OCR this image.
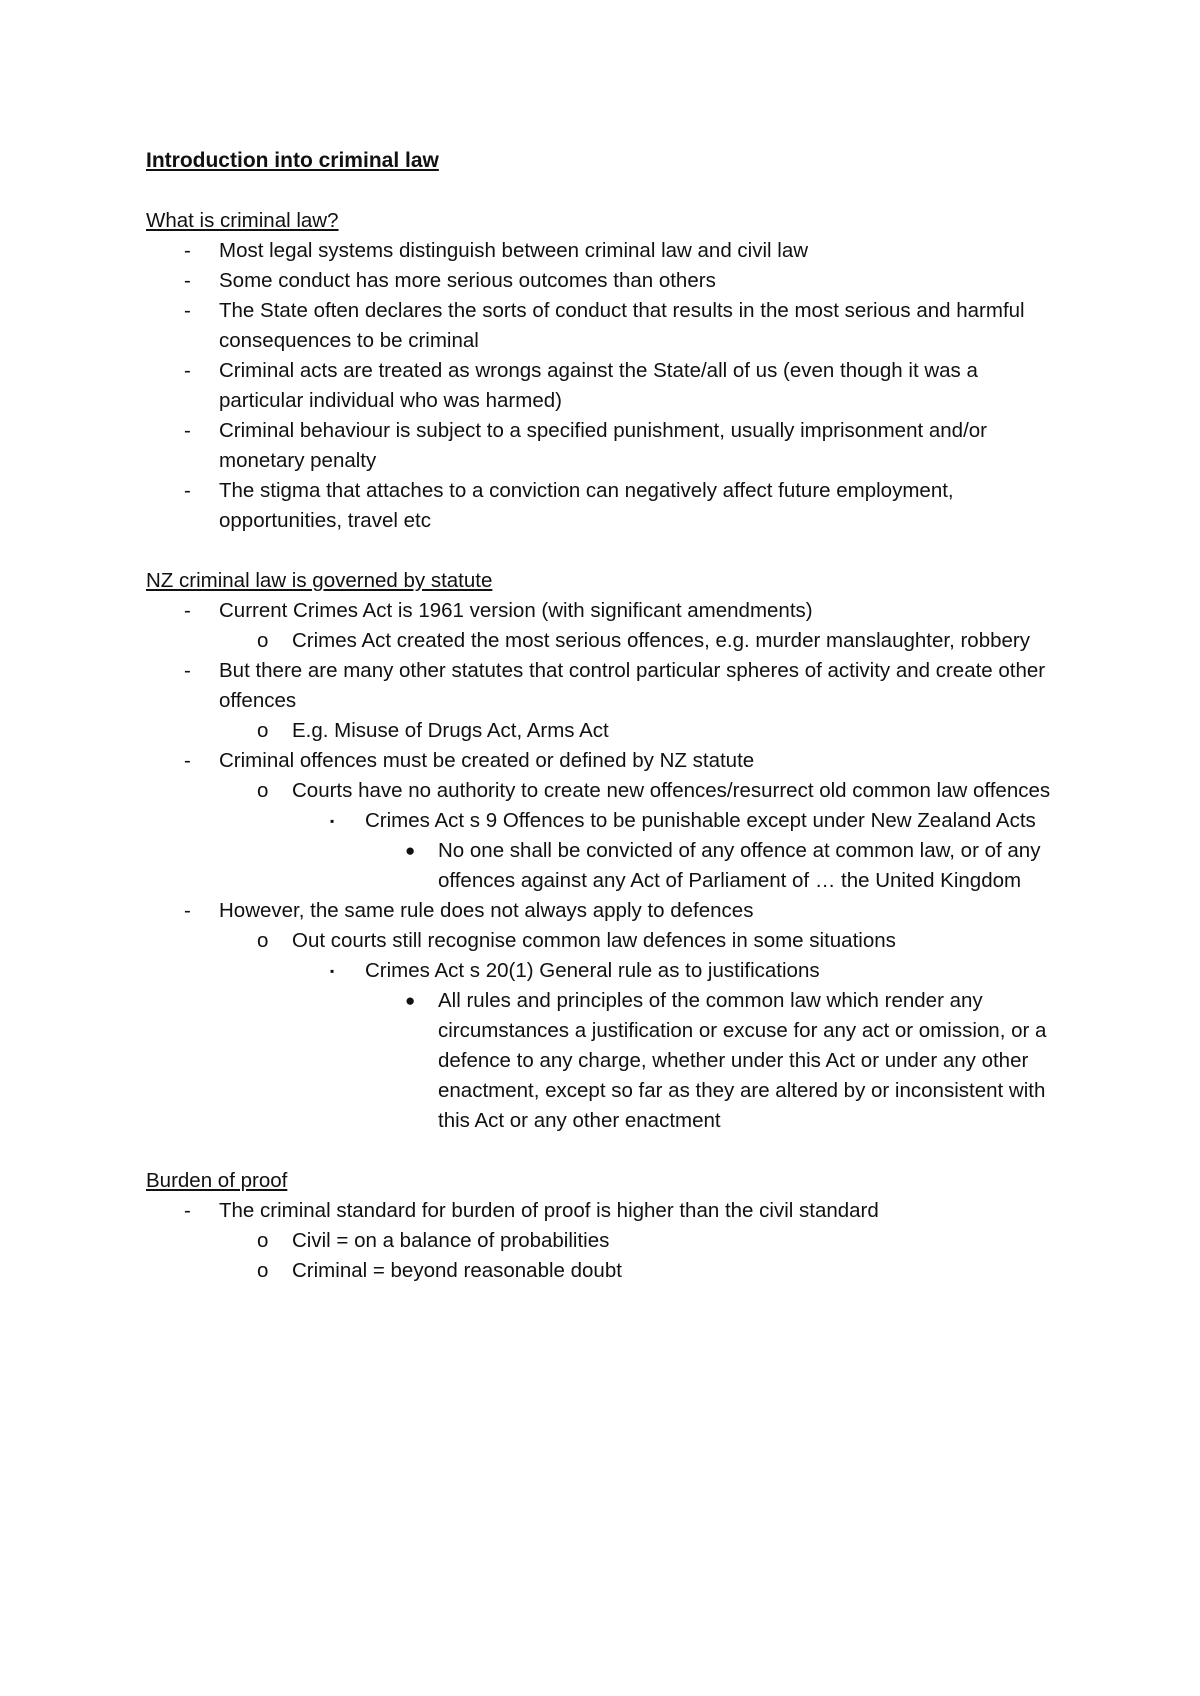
Introduction into criminal law
What is criminal law?
- Most legal systems distinguish between criminal law and civil law
- Some conduct has more serious outcomes than others
- The State often declares the sorts of conduct that results in the most serious and harmful consequences to be criminal
- Criminal acts are treated as wrongs against the State/all of us (even though it was a particular individual who was harmed)
- Criminal behaviour is subject to a specified punishment, usually imprisonment and/or monetary penalty
- The stigma that attaches to a conviction can negatively affect future employment, opportunities, travel etc
NZ criminal law is governed by statute
- Current Crimes Act is 1961 version (with significant amendments)
o Crimes Act created the most serious offences, e.g. murder manslaughter, robbery
- But there are many other statutes that control particular spheres of activity and create other offences
o E.g. Misuse of Drugs Act, Arms Act
- Criminal offences must be created or defined by NZ statute
o Courts have no authority to create new offences/resurrect old common law offences
▪ Crimes Act s 9 Offences to be punishable except under New Zealand Acts
● No one shall be convicted of any offence at common law, or of any offences against any Act of Parliament of … the United Kingdom
- However, the same rule does not always apply to defences
o Out courts still recognise common law defences in some situations
▪ Crimes Act s 20(1) General rule as to justifications
● All rules and principles of the common law which render any circumstances a justification or excuse for any act or omission, or a defence to any charge, whether under this Act or under any other enactment, except so far as they are altered by or inconsistent with this Act or any other enactment
Burden of proof
- The criminal standard for burden of proof is higher than the civil standard
o Civil = on a balance of probabilities
o Criminal = beyond reasonable doubt
